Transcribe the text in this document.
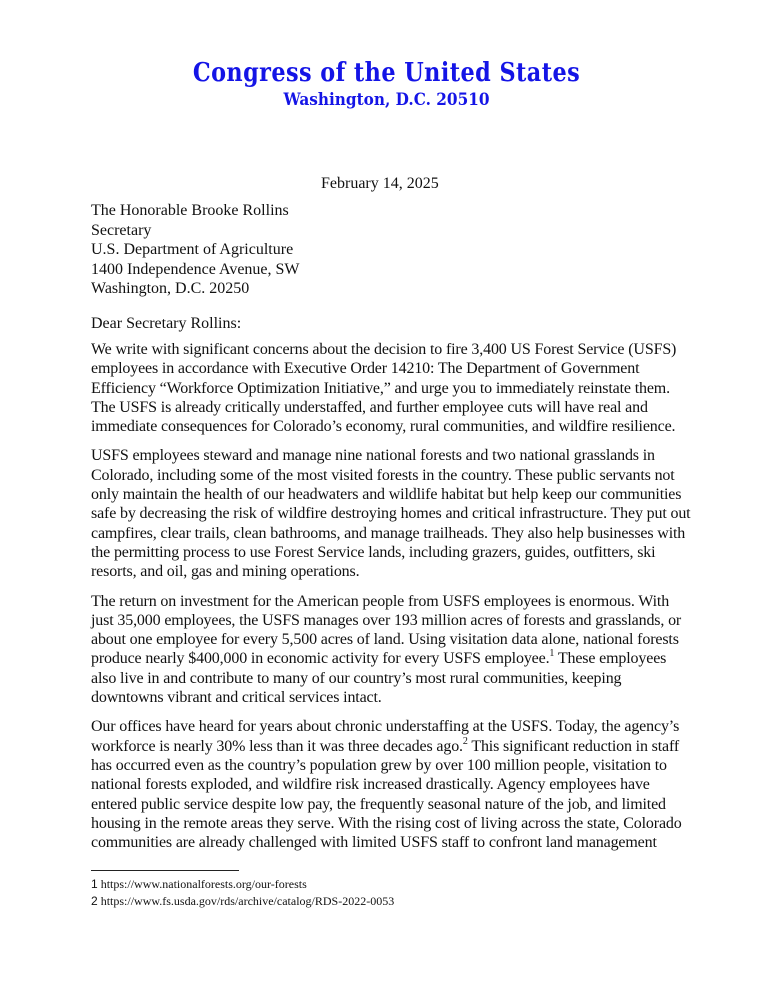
Congress of the United States
Washington, D.C. 20510
February 14, 2025
The Honorable Brooke Rollins
Secretary
U.S. Department of Agriculture
1400 Independence Avenue, SW
Washington, D.C. 20250
Dear Secretary Rollins:

We write with significant concerns about the decision to fire 3,400 US Forest Service (USFS) employees in accordance with Executive Order 14210: The Department of Government Efficiency “Workforce Optimization Initiative,” and urge you to immediately reinstate them. The USFS is already critically understaffed, and further employee cuts will have real and immediate consequences for Colorado’s economy, rural communities, and wildfire resilience.

USFS employees steward and manage nine national forests and two national grasslands in Colorado, including some of the most visited forests in the country. These public servants not only maintain the health of our headwaters and wildlife habitat but help keep our communities safe by decreasing the risk of wildfire destroying homes and critical infrastructure. They put out campfires, clear trails, clean bathrooms, and manage trailheads. They also help businesses with the permitting process to use Forest Service lands, including grazers, guides, outfitters, ski resorts, and oil, gas and mining operations.

The return on investment for the American people from USFS employees is enormous. With just 35,000 employees, the USFS manages over 193 million acres of forests and grasslands, or about one employee for every 5,500 acres of land. Using visitation data alone, national forests produce nearly $400,000 in economic activity for every USFS employee.$^1$ These employees also live in and contribute to many of our country’s most rural communities, keeping downtowns vibrant and critical services intact.

Our offices have heard for years about chronic understaffing at the USFS. Today, the agency’s workforce is nearly 30% less than it was three decades ago.$^2$ This significant reduction in staff has occurred even as the country’s population grew by over 100 million people, visitation to national forests exploded, and wildfire risk increased drastically. Agency employees have entered public service despite low pay, the frequently seasonal nature of the job, and limited housing in the remote areas they serve. With the rising cost of living across the state, Colorado communities are already challenged with limited USFS staff to confront land management

1 https://www.nationalforests.org/our-forests
2 https://www.fs.usda.gov/rds/archive/catalog/RDS-2022-0053
